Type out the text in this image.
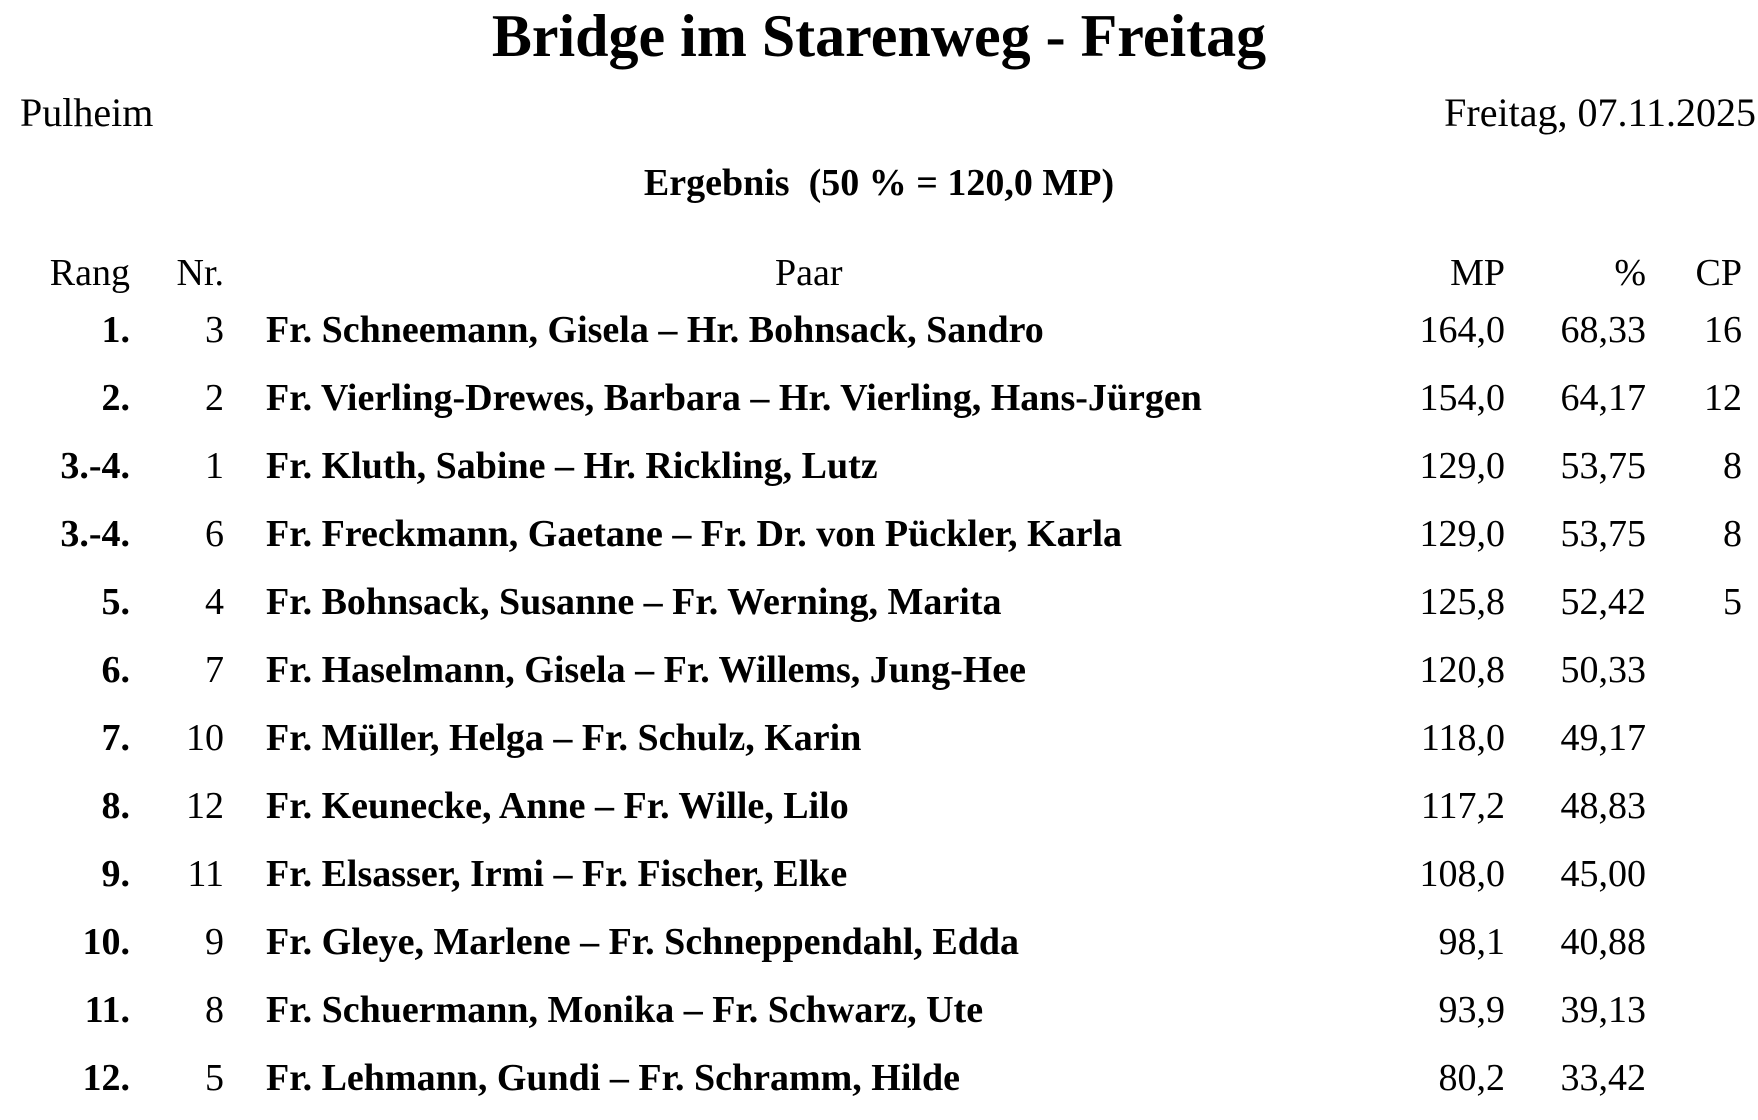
Bridge im Starenweg - Freitag
Pulheim	Freitag, 07.11.2025
Ergebnis  (50 % = 120,0 MP)
Rang Nr.	Paar	MP	% CP
1. 3 Fr. Schneemann, Gisela – Hr. Bohnsack, Sandro	164,0 68,33 16
2. 2 Fr. Vierling-Drewes, Barbara – Hr. Vierling, Hans-Jürgen	154,0 64,17 12
3.-4. 1 Fr. Kluth, Sabine – Hr. Rickling, Lutz	129,0 53,75 8
3.-4. 6 Fr. Freckmann, Gaetane – Fr. Dr. von Pückler, Karla	129,0 53,75 8
5. 4 Fr. Bohnsack, Susanne – Fr. Werning, Marita	125,8 52,42 5
6. 7 Fr. Haselmann, Gisela – Fr. Willems, Jung-Hee	120,8 50,33
7. 10 Fr. Müller, Helga – Fr. Schulz, Karin	118,0 49,17
8. 12 Fr. Keunecke, Anne – Fr. Wille, Lilo	117,2 48,83
9. 11 Fr. Elsasser, Irmi – Fr. Fischer, Elke	108,0 45,00
10. 9 Fr. Gleye, Marlene – Fr. Schneppendahl, Edda	98,1 40,88
11. 8 Fr. Schuermann, Monika – Fr. Schwarz, Ute	93,9 39,13
12. 5 Fr. Lehmann, Gundi – Fr. Schramm, Hilde	80,2 33,42
